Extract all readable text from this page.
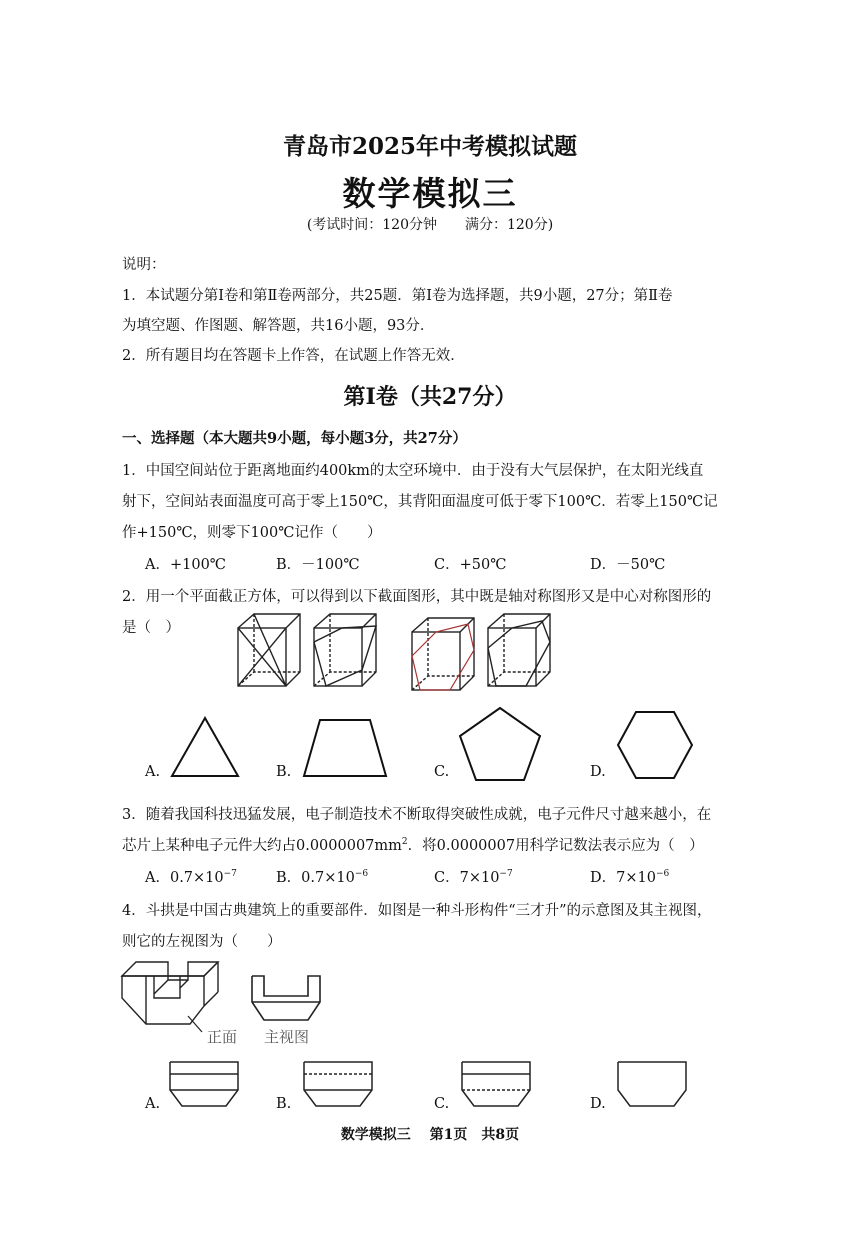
青岛市2025年中考模拟试题
数学模拟三
(考试时间：120分钟　　满分：120分)
说明：
1．本试题分第Ⅰ卷和第Ⅱ卷两部分，共25题．第Ⅰ卷为选择题，共9小题，27分；第Ⅱ卷
为填空题、作图题、解答题，共16小题，93分．
2．所有题目均在答题卡上作答，在试题上作答无效．
第Ⅰ卷（共27分）
一、选择题（本大题共9小题，每小题3分，共27分）
1．中国空间站位于距离地面约400km的太空环境中．由于没有大气层保护，在太阳光线直
射下，空间站表面温度可高于零上150℃，其背阳面温度可低于零下100℃．若零上150℃记
作+150℃，则零下100℃记作（　　）
A．+100℃	B．－100℃	C．+50℃	D．－50℃
2．用一个平面截正方体，可以得到以下截面图形，其中既是轴对称图形又是中心对称图形的
是（　）
A.	B.	C.	D.
3．随着我国科技迅猛发展，电子制造技术不断取得突破性成就，电子元件尺寸越来越小，在
芯片上某种电子元件大约占$0.0000007mm^2$．将0.0000007用科学记数法表示应为（　）
A．$0.7\times 10^{-7}$	B．$0.7\times 10^{-6}$	C．$7\times 10^{-7}$	D．$7\times 10^{-6}$
4．斗拱是中国古典建筑上的重要部件．如图是一种斗形构件“三才升”的示意图及其主视图，
则它的左视图为（　　）
正面 主视图
A.	B.	C.	D.
数学模拟三　 第1页　共8页
